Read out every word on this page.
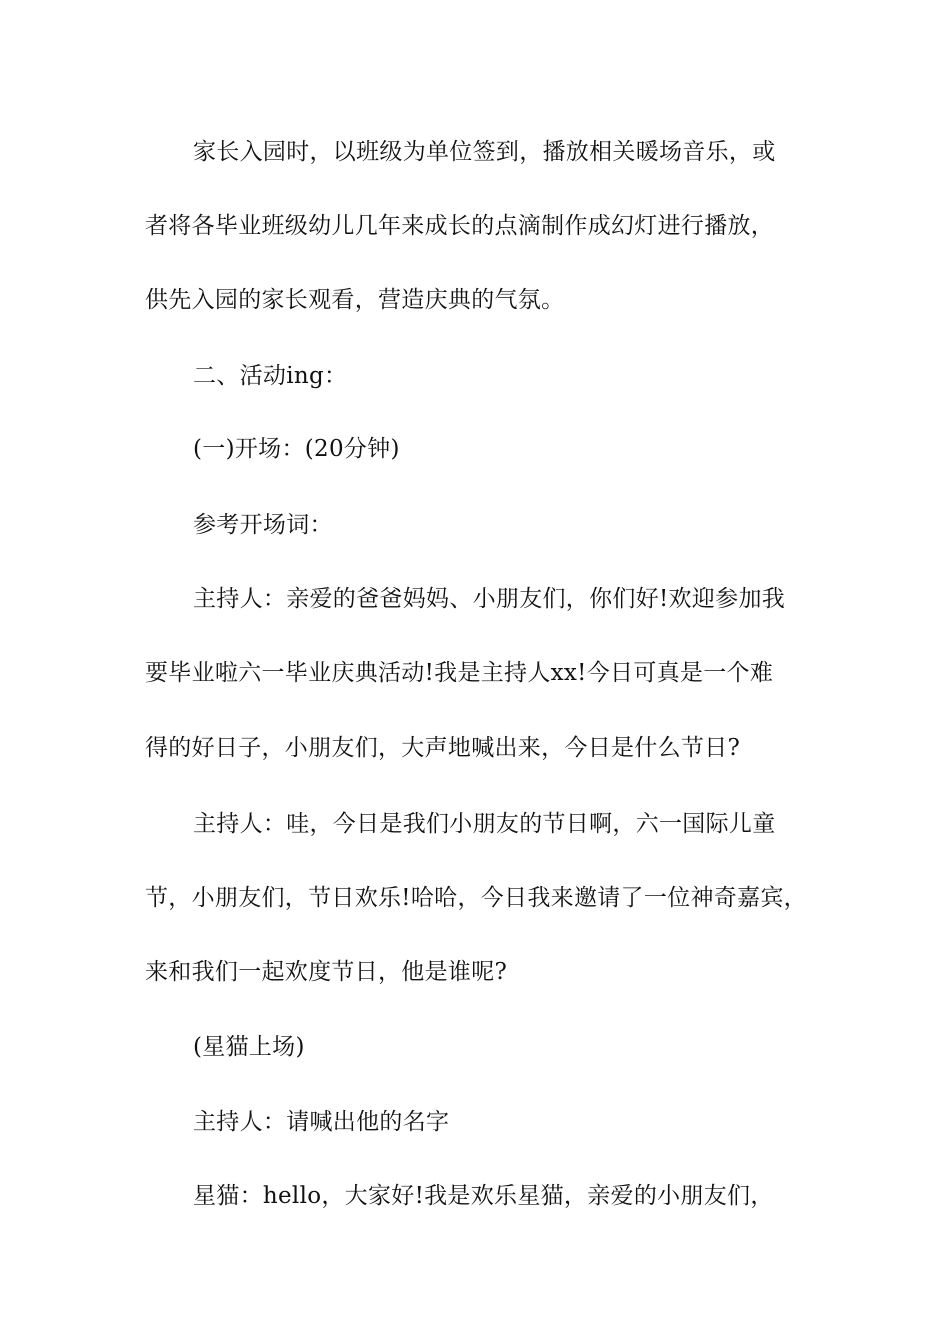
家长入园时，以班级为单位签到，播放相关暖场音乐，或

者将各毕业班级幼儿几年来成长的点滴制作成幻灯进行播放，

供先入园的家长观看，营造庆典的气氛。

二、活动ing：

(一)开场：(20分钟)

参考开场词：

主持人：亲爱的爸爸妈妈、小朋友们，你们好!欢迎参加我

要毕业啦六一毕业庆典活动!我是主持人xx!今日可真是一个难

得的好日子，小朋友们，大声地喊出来，今日是什么节日?

主持人：哇，今日是我们小朋友的节日啊，六一国际儿童

节，小朋友们，节日欢乐!哈哈，今日我来邀请了一位神奇嘉宾，

来和我们一起欢度节日，他是谁呢?

(星猫上场)

主持人：请喊出他的名字

星猫：hello，大家好!我是欢乐星猫，亲爱的小朋友们，
